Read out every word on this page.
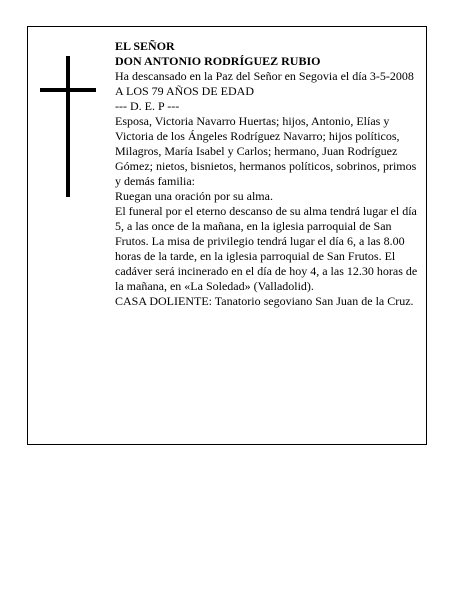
EL SEÑOR

DON ANTONIO RODRÍGUEZ RUBIO

Ha descansado en la Paz del Señor en Segovia el día 3-5-2008

A LOS 79 AÑOS DE EDAD

--- D. E. P ---

Esposa, Victoria Navarro Huertas; hijos, Antonio, Elías y Victoria de los Ángeles Rodríguez Navarro; hijos políticos, Milagros, María Isabel y Carlos; hermano, Juan Rodríguez Gómez; nietos, bisnietos, hermanos políticos, sobrinos, primos y demás familia:

Ruegan una oración por su alma.

El funeral por el eterno descanso de su alma tendrá lugar el día 5, a las once de la mañana, en la iglesia parroquial de San Frutos. La misa de privilegio tendrá lugar el día 6, a las 8.00 horas de la tarde, en la iglesia parroquial de San Frutos. El cadáver será incinerado en el día de hoy 4, a las 12.30 horas de la mañana, en «La Soledad» (Valladolid).

CASA DOLIENTE: Tanatorio segoviano San Juan de la Cruz.
